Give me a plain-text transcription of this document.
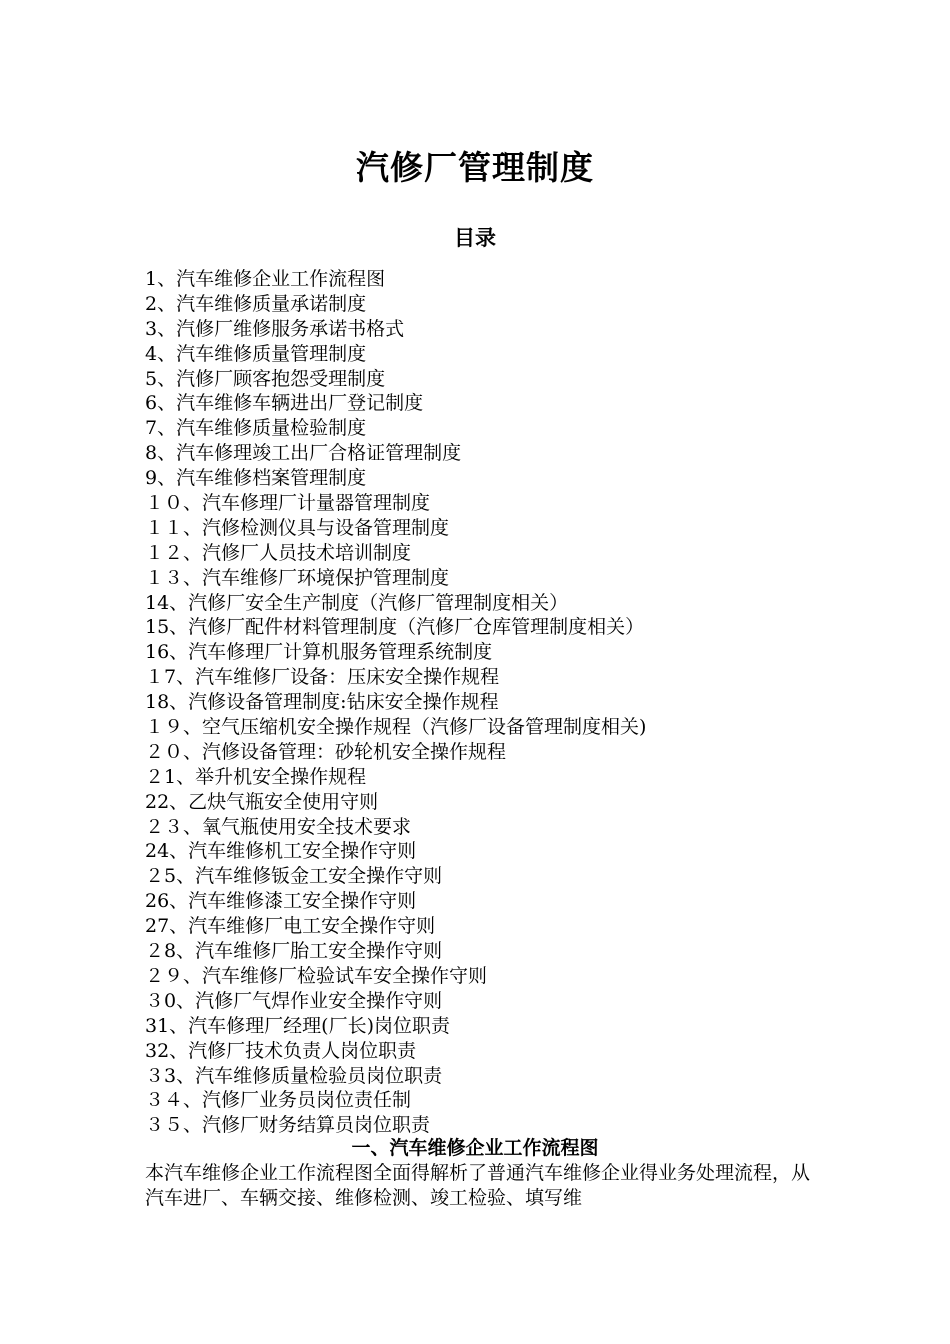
汽修厂管理制度
目录
1、汽车维修企业工作流程图
2、汽车维修质量承诺制度
3、汽修厂维修服务承诺书格式
4、汽车维修质量管理制度
5、汽修厂顾客抱怨受理制度
6、汽车维修车辆进出厂登记制度
7、汽车维修质量检验制度
8、汽车修理竣工出厂合格证管理制度
9、汽车维修档案管理制度
１０、汽车修理厂计量器管理制度
１１、汽修检测仪具与设备管理制度
１２、汽修厂人员技术培训制度
１３、汽车维修厂环境保护管理制度
14、汽修厂安全生产制度（汽修厂管理制度相关）
15、汽修厂配件材料管理制度（汽修厂仓库管理制度相关）
16、汽车修理厂计算机服务管理系统制度
１7、汽车维修厂设备：压床安全操作规程
18、汽修设备管理制度:钻床安全操作规程
１９、空气压缩机安全操作规程（汽修厂设备管理制度相关)
２０、汽修设备管理：砂轮机安全操作规程
２1、举升机安全操作规程
22、乙炔气瓶安全使用守则
２３、氧气瓶使用安全技术要求
24、汽车维修机工安全操作守则
２5、汽车维修钣金工安全操作守则
26、汽车维修漆工安全操作守则
27、汽车维修厂电工安全操作守则
２8、汽车维修厂胎工安全操作守则
２９、汽车维修厂检验试车安全操作守则
３0、汽修厂气焊作业安全操作守则
31、汽车修理厂经理(厂长)岗位职责
32、汽修厂技术负责人岗位职责
３3、汽车维修质量检验员岗位职责
３４、汽修厂业务员岗位责任制
３５、汽修厂财务结算员岗位职责
一、汽车维修企业工作流程图

本汽车维修企业工作流程图全面得解析了普通汽车维修企业得业务处理流程，从汽车进厂、车辆交接、维修检测、竣工检验、填写维
